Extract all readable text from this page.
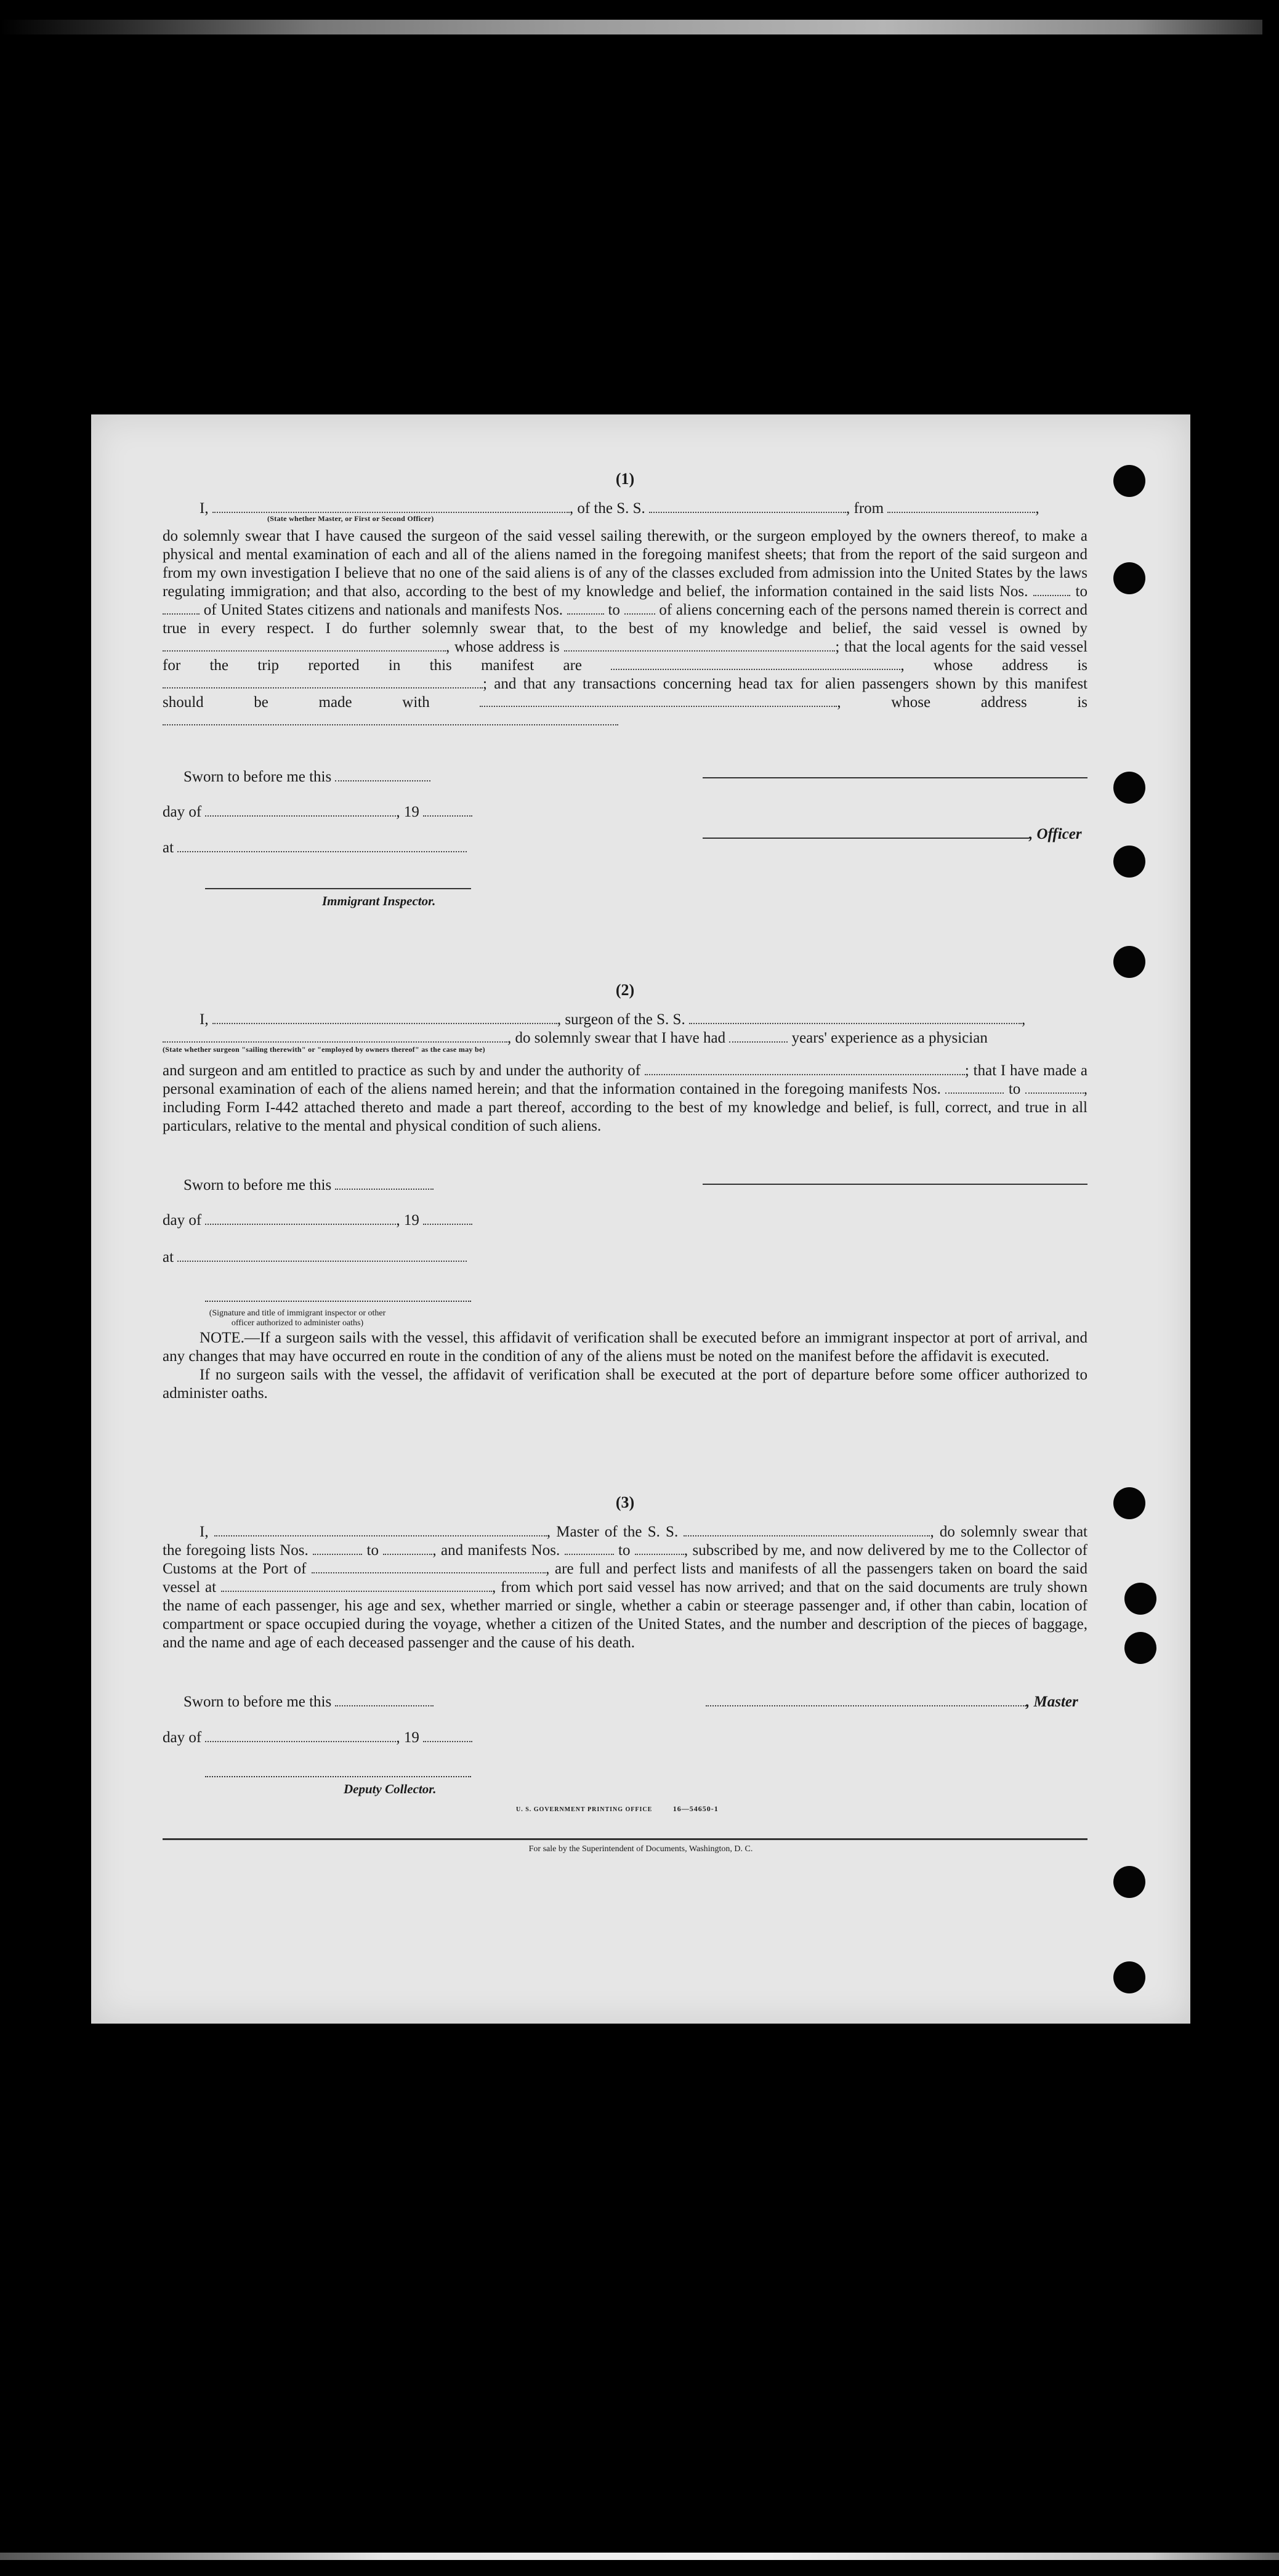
(1)

I,	, of the S. S.	, from	,

(State whether Master, or First or Second Officer)

do solemnly swear that I have caused the surgeon of the said vessel sailing therewith, or the surgeon employed by the owners thereof, to make a physical and mental examination of each and all of the aliens named in the foregoing manifest sheets; that from the report of the said surgeon and from my own investigation I believe that no one of the said aliens is of any of the classes excluded from admission into the United States by the laws regulating immigration; and that also, according to the best of my knowledge and belief, the information contained in the said lists Nos.	to  of United States citizens and nationals and manifests Nos.	to	of aliens concerning each of the persons named therein is correct and true in every respect. I do further solemnly swear that, to the best of my knowledge and belief, the said vessel is owned by , whose address is	; that the local agents for the said vessel for the trip reported in this manifest are	, whose address is ; and that any transactions concerning head tax for alien passengers shown by this manifest should be made with	, whose address is

Sworn to before me this
day of	, 19
at
Immigrant Inspector.
, Officer
(2)

I,	, surgeon of the S. S.	,

, do solemnly swear that I have had	years' experience as a physician

(State whether surgeon "sailing therewith" or "employed by owners thereof" as the case may be)

and surgeon and am entitled to practice as such by and under the authority of	; that I have made a personal examination of each of the aliens named herein; and that the information contained in the foregoing manifests Nos.	to	, including Form I-442 attached thereto and made a part thereof, according to the best of my knowledge and belief, is full, correct, and true in all particulars, relative to the mental and physical condition of such aliens.

Sworn to before me this
day of	, 19
at
(Signature and title of immigrant inspector or other officer authorized to administer oaths)

NOTE.—If a surgeon sails with the vessel, this affidavit of verification shall be executed before an immigrant inspector at port of arrival, and any changes that may have occurred en route in the condition of any of the aliens must be noted on the manifest before the affidavit is executed.

If no surgeon sails with the vessel, the affidavit of verification shall be executed at the port of departure before some officer authorized to administer oaths.

(3)

I,	, Master of the S. S.	, do solemnly swear that the foregoing lists Nos.	to	, and manifests Nos.	to	, subscribed by me, and now delivered by me to the Collector of Customs at the Port of	, are full and perfect lists and manifests of all the passengers taken on board the said vessel at	, from which port said vessel has now arrived; and that on the said documents are truly shown the name of each passenger, his age and sex, whether married or single, whether a cabin or steerage passenger and, if other than cabin, location of compartment or space occupied during the voyage, whether a citizen of the United States, and the number and description of the pieces of baggage, and the name and age of each deceased passenger and the cause of his death.

Sworn to before me this	, Master
day of	, 19
Deputy Collector.
U. S. GOVERNMENT PRINTING OFFICE	16—54650-1
For sale by the Superintendent of Documents, Washington, D. C.
